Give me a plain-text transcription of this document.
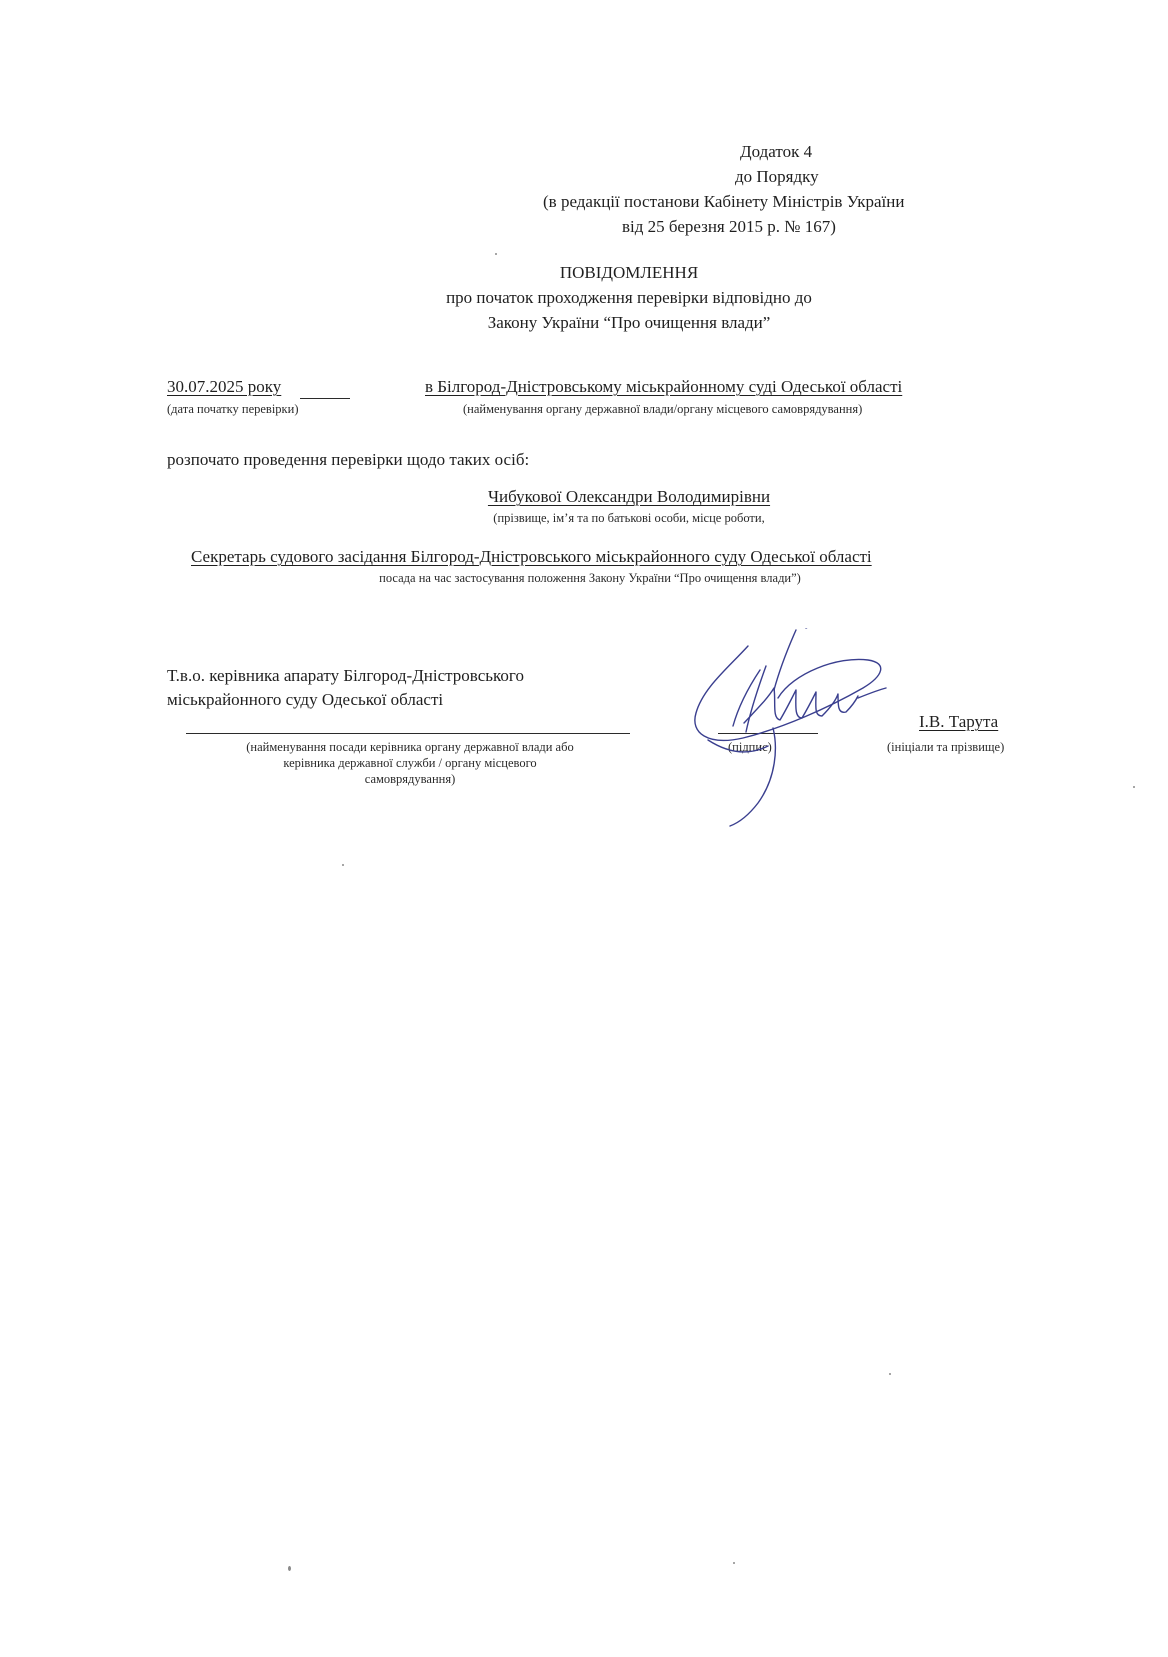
Додаток 4
до Порядку
(в редакції постанови Кабінету Міністрів України
від 25 березня 2015 р. № 167)
ПОВІДОМЛЕННЯ
про початок проходження перевірки відповідно до
Закону України “Про очищення влади”
30.07.2025 року
(дата початку перевірки)
в Білгород-Дністровському міськрайонному суді Одеської області
(найменування органу державної влади/органу місцевого самоврядування)
розпочато проведення перевірки щодо таких осіб:
Чибукової Олександри Володимирівни
(прізвище, ім’я та по батькові особи, місце роботи,
Секретарь судового засідання Білгород-Дністровського міськрайонного суду Одеської області
посада на час застосування положення Закону України “Про очищення влади”)
Т.в.о. керівника апарату Білгород-Дністровського
міськрайонного суду Одеської області
(найменування посади керівника органу державної влади або
керівника державної служби / органу місцевого
самоврядування)
(підпис)
І.В. Тарута
(ініціали та прізвище)
